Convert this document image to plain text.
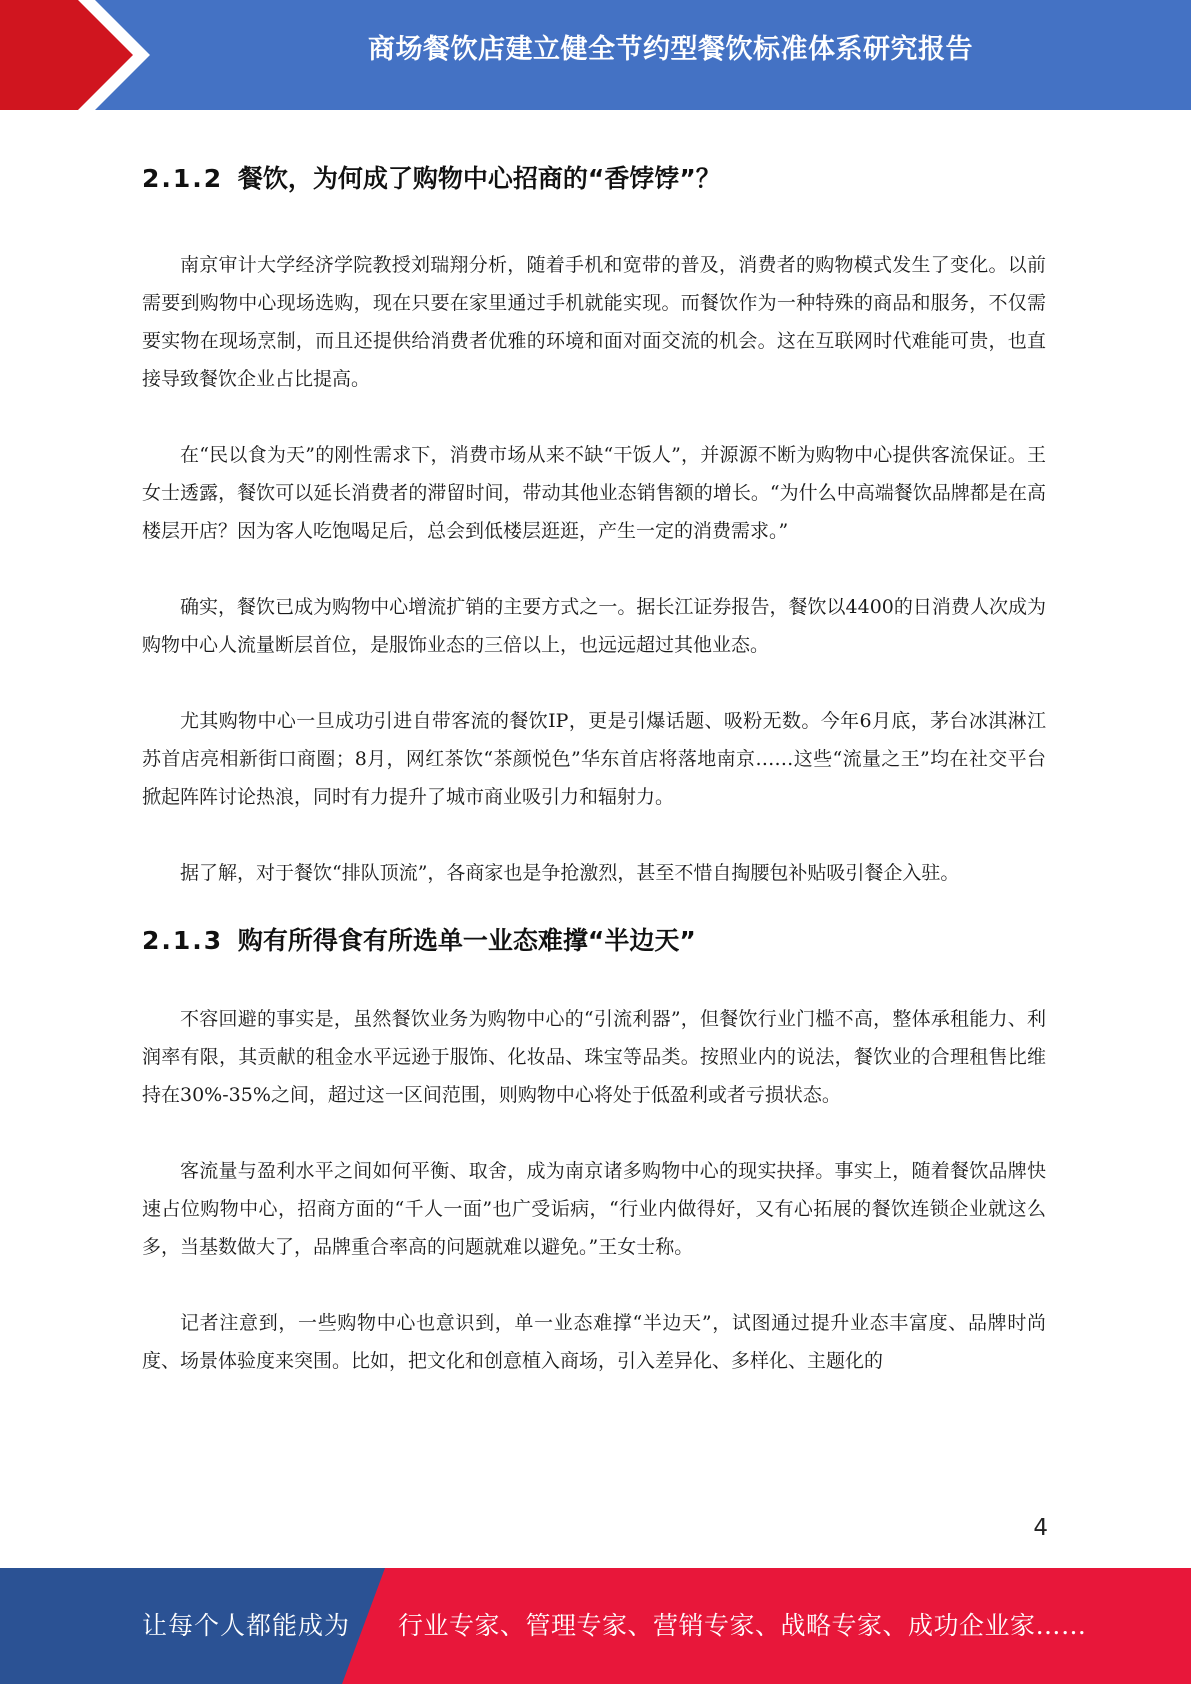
商场餐饮店建立健全节约型餐饮标准体系研究报告
2.1.2 餐饮，为何成了购物中心招商的“香饽饽”？

南京审计大学经济学院教授刘瑞翔分析，随着手机和宽带的普及，消费者的购物模式发生了变化。以前需要到购物中心现场选购，现在只要在家里通过手机就能实现。而餐饮作为一种特殊的商品和服务，不仅需要实物在现场烹制，而且还提供给消费者优雅的环境和面对面交流的机会。这在互联网时代难能可贵，也直接导致餐饮企业占比提高。

在“民以食为天”的刚性需求下，消费市场从来不缺“干饭人”，并源源不断为购物中心提供客流保证。王女士透露，餐饮可以延长消费者的滞留时间，带动其他业态销售额的增长。“为什么中高端餐饮品牌都是在高楼层开店？因为客人吃饱喝足后，总会到低楼层逛逛，产生一定的消费需求。”

确实，餐饮已成为购物中心增流扩销的主要方式之一。据长江证券报告，餐饮以4400的日消费人次成为购物中心人流量断层首位，是服饰业态的三倍以上，也远远超过其他业态。

尤其购物中心一旦成功引进自带客流的餐饮IP，更是引爆话题、吸粉无数。今年6月底，茅台冰淇淋江苏首店亮相新街口商圈；8月，网红茶饮“茶颜悦色”华东首店将落地南京……这些“流量之王”均在社交平台掀起阵阵讨论热浪，同时有力提升了城市商业吸引力和辐射力。

据了解，对于餐饮“排队顶流”，各商家也是争抢激烈，甚至不惜自掏腰包补贴吸引餐企入驻。

2.1.3 购有所得食有所选单一业态难撑“半边天”

不容回避的事实是，虽然餐饮业务为购物中心的“引流利器”，但餐饮行业门槛不高，整体承租能力、利润率有限，其贡献的租金水平远逊于服饰、化妆品、珠宝等品类。按照业内的说法，餐饮业的合理租售比维持在30%-35%之间，超过这一区间范围，则购物中心将处于低盈利或者亏损状态。

客流量与盈利水平之间如何平衡、取舍，成为南京诸多购物中心的现实抉择。事实上，随着餐饮品牌快速占位购物中心，招商方面的“千人一面”也广受诟病，“行业内做得好，又有心拓展的餐饮连锁企业就这么多，当基数做大了，品牌重合率高的问题就难以避免。”王女士称。

记者注意到，一些购物中心也意识到，单一业态难撑“半边天”，试图通过提升业态丰富度、品牌时尚度、场景体验度来突围。比如，把文化和创意植入商场，引入差异化、多样化、主题化的

4
让每个人都能成为 行业专家、管理专家、营销专家、战略专家、成功企业家……
